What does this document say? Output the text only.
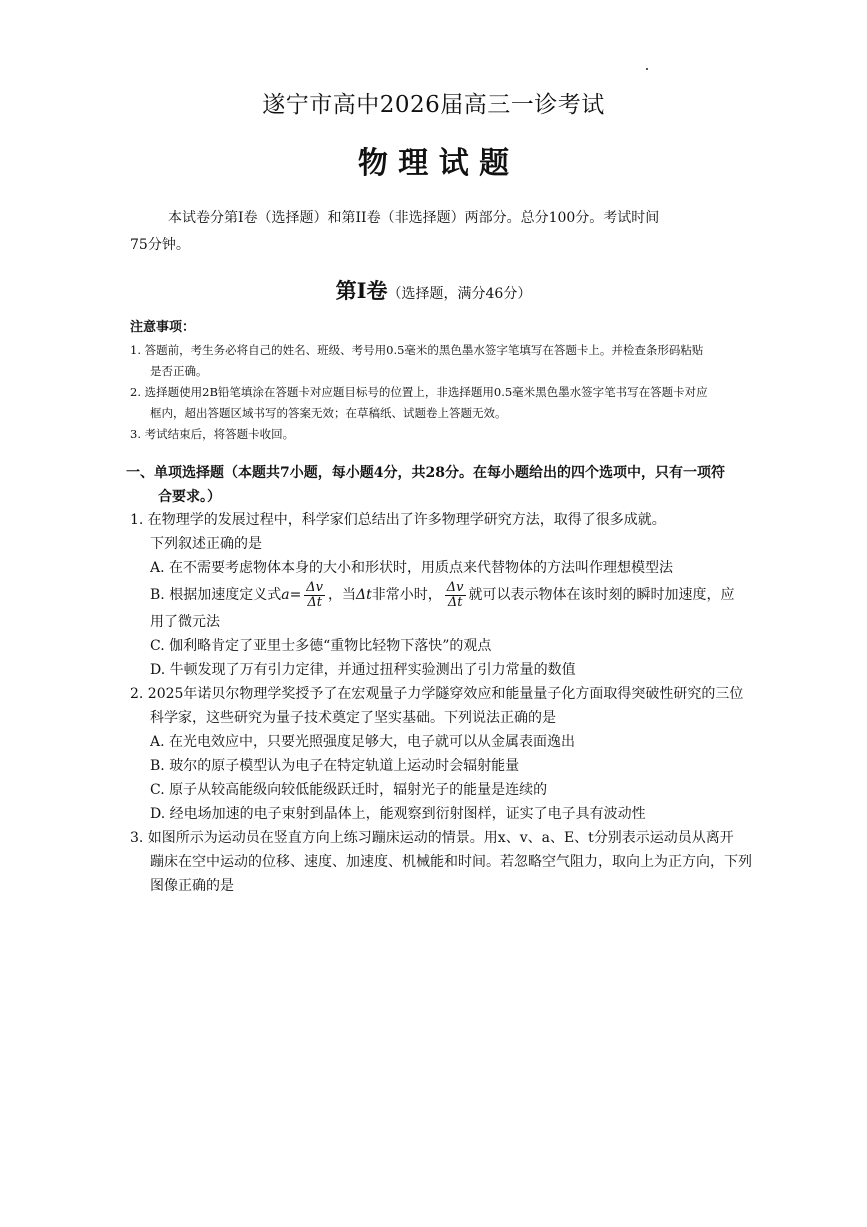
遂宁市高中2026届高三一诊考试
物 理 试 题
本试卷分第Ⅰ卷（选择题）和第II卷（非选择题）两部分。总分100分。考试时间
75分钟。
第Ⅰ卷（选择题，满分46分）
注意事项：
1. 答题前，考生务必将自己的姓名、班级、考号用0.5毫米的黑色墨水签字笔填写在答题卡上。并检查条形码粘贴
是否正确。
2. 选择题使用2B铅笔填涂在答题卡对应题目标号的位置上，非选择题用0.5毫米黑色墨水签字笔书写在答题卡对应
框内，超出答题区域书写的答案无效；在草稿纸、试题卷上答题无效。
3. 考试结束后，将答题卡收回。
一、单项选择题（本题共7小题，每小题4分，共28分。在每小题给出的四个选项中，只有一项符
合要求。）
1. 在物理学的发展过程中，科学家们总结出了许多物理学研究方法，取得了很多成就。
下列叙述正确的是
A. 在不需要考虑物体本身的大小和形状时，用质点来代替物体的方法叫作理想模型法
B. 根据加速度定义式$a= \frac{\Delta v}{\Delta t}$ ，当Δt非常小时， $\frac{\Delta v}{\Delta t}$ 就可以表示物体在该时刻的瞬时加速度，应
用了微元法
C. 伽利略肯定了亚里士多德“重物比轻物下落快”的观点
D. 牛顿发现了万有引力定律，并通过扭秤实验测出了引力常量的数值
2. 2025年诺贝尔物理学奖授予了在宏观量子力学隧穿效应和能量量子化方面取得突破性研究的三位
科学家，这些研究为量子技术奠定了坚实基础。下列说法正确的是
A. 在光电效应中，只要光照强度足够大，电子就可以从金属表面逸出
B. 玻尔的原子模型认为电子在特定轨道上运动时会辐射能量
C. 原子从较高能级向较低能级跃迁时，辐射光子的能量是连续的
D. 经电场加速的电子束射到晶体上，能观察到衍射图样，证实了电子具有波动性
3. 如图所示为运动员在竖直方向上练习蹦床运动的情景。用x、v、a、E、t分别表示运动员从离开
蹦床在空中运动的位移、速度、加速度、机械能和时间。若忽略空气阻力，取向上为正方向，下列
图像正确的是
